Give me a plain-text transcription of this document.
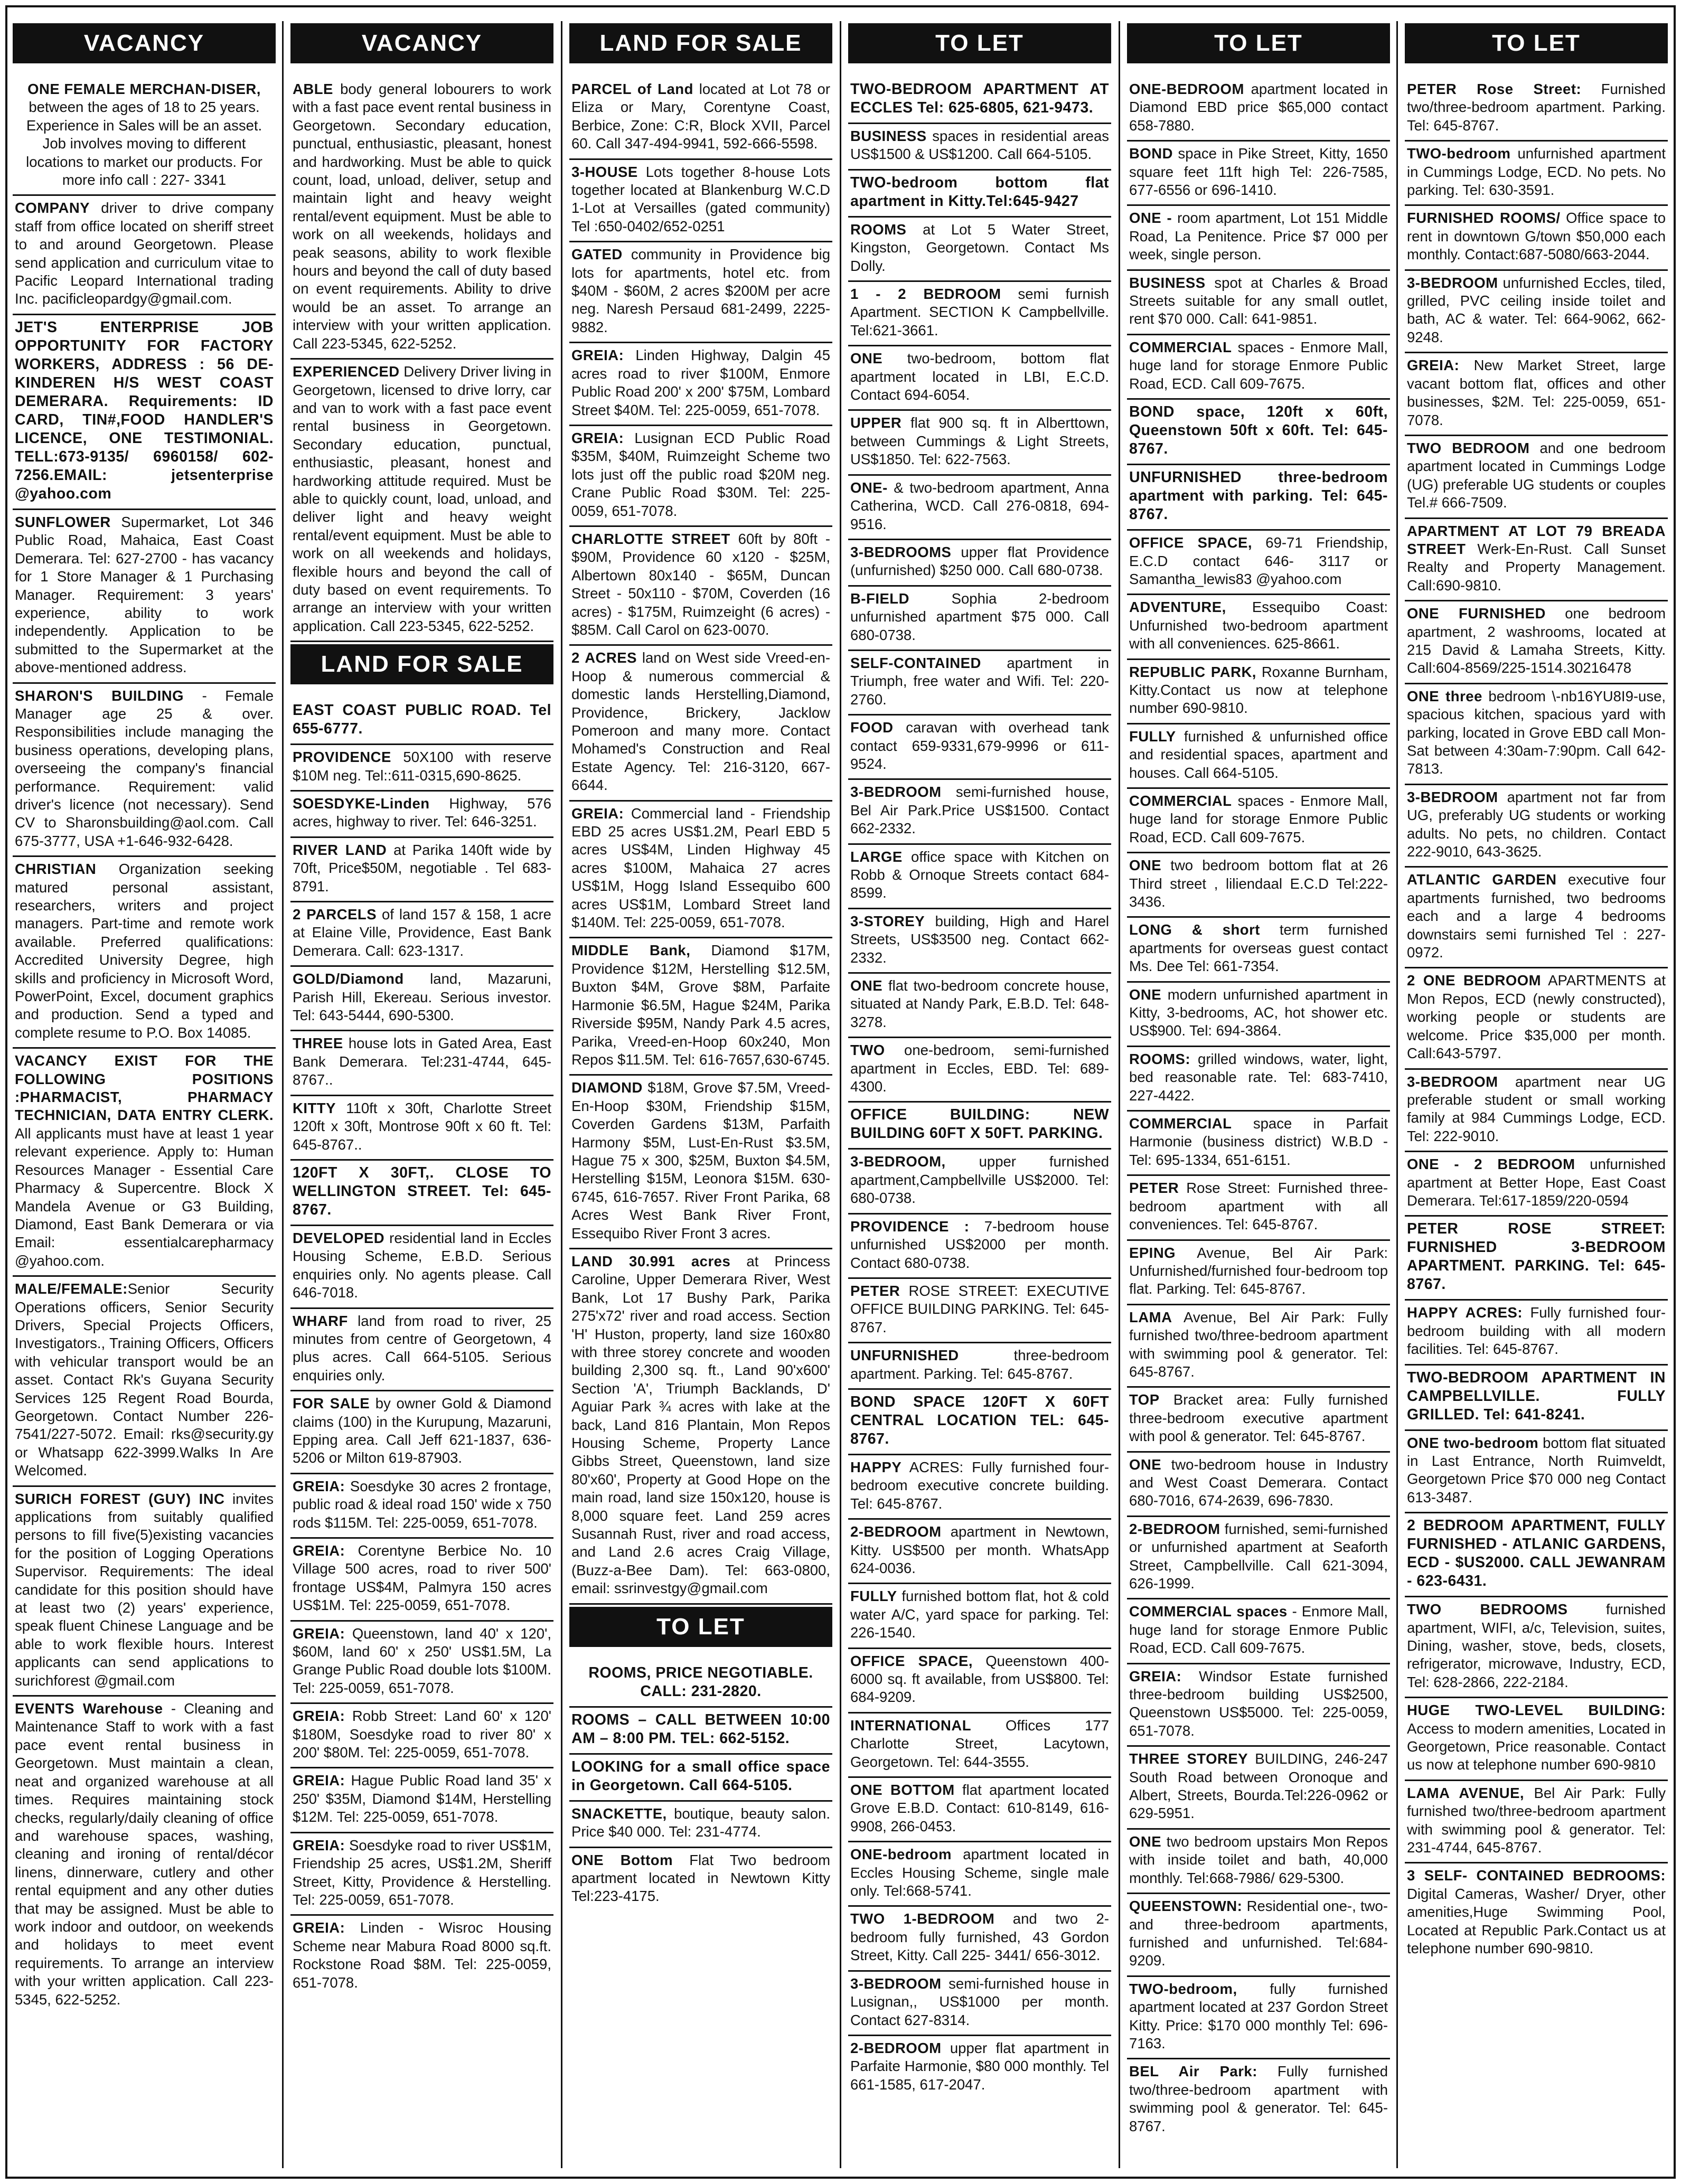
VACANCY
ONE FEMALE MERCHAN-DISER, between the ages of 18 to 25 years. Experience in Sales will be an asset. Job involves moving to different locations to market our products. For more info call : 227- 3341
COMPANY driver to drive company staff from office located on sheriff street to and around Georgetown. Please send application and curriculum vitae to Pacific Leopard International trading Inc. pacificleopardgy@gmail.com.
JET'S ENTERPRISE JOB OPPORTUNITY FOR FACTORY WORKERS, ADDRESS : 56 DE-KINDEREN H/S WEST COAST DEMERARA. Requirements: ID CARD, TIN#,FOOD HANDLER'S LICENCE, ONE TESTIMONIAL. TELL:673-9135/ 6960158/ 602-7256.EMAIL: jetsenterprise @yahoo.com
SUNFLOWER Supermarket, Lot 346 Public Road, Mahaica, East Coast Demerara. Tel: 627-2700 - has vacancy for 1 Store Manager & 1 Purchasing Manager. Requirement: 3 years' experience, ability to work independently. Application to be submitted to the Supermarket at the above-mentioned address.
SHARON'S BUILDING - Female Manager age 25 & over. Responsibilities include managing the business operations, developing plans, overseeing the company's financial performance. Requirement: valid driver's licence (not necessary). Send CV to Sharonsbuilding@aol.com. Call 675-3777, USA +1-646-932-6428.
CHRISTIAN Organization seeking matured personal assistant, researchers, writers and project managers. Part-time and remote work available. Preferred qualifications: Accredited University Degree, high skills and proficiency in Microsoft Word, PowerPoint, Excel, document graphics and production. Send a typed and complete resume to P.O. Box 14085.
VACANCY EXIST FOR THE FOLLOWING POSITIONS :PHARMACIST, PHARMACY TECHNICIAN, DATA ENTRY CLERK. All applicants must have at least 1 year relevant experience. Apply to: Human Resources Manager - Essential Care Pharmacy & Supercentre. Block X Mandela Avenue or G3 Building, Diamond, East Bank Demerara or via Email: essentialcarepharmacy @yahoo.com.
MALE/FEMALE:Senior Security Operations officers, Senior Security Drivers, Special Projects Officers, Investigators., Training Officers, Officers with vehicular transport would be an asset. Contact Rk's Guyana Security Services 125 Regent Road Bourda, Georgetown. Contact Number 226-7541/227-5072. Email: rks@security.gy or Whatsapp 622-3999.Walks In Are Welcomed.
SURICH FOREST (GUY) INC invites applications from suitably qualified persons to fill five(5)existing vacancies for the position of Logging Operations Supervisor. Requirements: The ideal candidate for this position should have at least two (2) years' experience, speak fluent Chinese Language and be able to work flexible hours. Interest applicants can send applications to surichforest @gmail.com
EVENTS Warehouse - Cleaning and Maintenance Staff to work with a fast pace event rental business in Georgetown. Must maintain a clean, neat and organized warehouse at all times. Requires maintaining stock checks, regularly/daily cleaning of office and warehouse spaces, washing, cleaning and ironing of rental/décor linens, dinnerware, cutlery and other rental equipment and any other duties that may be assigned. Must be able to work indoor and outdoor, on weekends and holidays to meet event requirements. To arrange an interview with your written application. Call 223-5345, 622-5252.
VACANCY
ABLE body general lobourers to work with a fast pace event rental business in Georgetown. Secondary education, punctual, enthusiastic, pleasant, honest and hardworking. Must be able to quick count, load, unload, deliver, setup and maintain light and heavy weight rental/event equipment. Must be able to work on all weekends, holidays and peak seasons, ability to work flexible hours and beyond the call of duty based on event requirements. Ability to drive would be an asset. To arrange an interview with your written application. Call 223-5345, 622-5252.
EXPERIENCED Delivery Driver living in Georgetown, licensed to drive lorry, car and van to work with a fast pace event rental business in Georgetown. Secondary education, punctual, enthusiastic, pleasant, honest and hardworking attitude required. Must be able to quickly count, load, unload, and deliver light and heavy weight rental/event equipment. Must be able to work on all weekends and holidays, flexible hours and beyond the call of duty based on event requirements. To arrange an interview with your written application. Call 223-5345, 622-5252.
LAND FOR SALE
EAST COAST PUBLIC ROAD. Tel 655-6777.
PROVIDENCE 50X100 with reserve $10M neg. Tel::611-0315,690-8625.
SOESDYKE-Linden Highway, 576 acres, highway to river. Tel: 646-3251.
RIVER LAND at Parika 140ft wide by 70ft, Price$50M, negotiable . Tel 683-8791.
2 PARCELS of land 157 & 158, 1 acre at Elaine Ville, Providence, East Bank Demerara. Call: 623-1317.
GOLD/Diamond land, Mazaruni, Parish Hill, Ekereau. Serious investor. Tel: 643-5444, 690-5300.
THREE house lots in Gated Area, East Bank Demerara. Tel:231-4744, 645-8767..
KITTY 110ft x 30ft, Charlotte Street 120ft x 30ft, Montrose 90ft x 60 ft. Tel: 645-8767..
120FT X 30FT,. CLOSE TO WELLINGTON STREET. Tel: 645-8767.
DEVELOPED residential land in Eccles Housing Scheme, E.B.D. Serious enquiries only. No agents please. Call 646-7018.
WHARF land from road to river, 25 minutes from centre of Georgetown, 4 plus acres. Call 664-5105. Serious enquiries only.
FOR SALE by owner Gold & Diamond claims (100) in the Kurupung, Mazaruni, Epping area. Call Jeff 621-1837, 636-5206 or Milton 619-87903.
GREIA: Soesdyke 30 acres 2 frontage, public road & ideal road 150' wide x 750 rods $115M. Tel: 225-0059, 651-7078.
GREIA: Corentyne Berbice No. 10 Village 500 acres, road to river 500' frontage US$4M, Palmyra 150 acres US$1M. Tel: 225-0059, 651-7078.
GREIA: Queenstown, land 40' x 120', $60M, land 60' x 250' US$1.5M, La Grange Public Road double lots $100M. Tel: 225-0059, 651-7078.
GREIA: Robb Street: Land 60' x 120' $180M, Soesdyke road to river 80' x 200' $80M. Tel: 225-0059, 651-7078.
GREIA: Hague Public Road land 35' x 250' $35M, Diamond $14M, Herstelling $12M. Tel: 225-0059, 651-7078.
GREIA: Soesdyke road to river US$1M, Friendship 25 acres, US$1.2M, Sheriff Street, Kitty, Providence & Herstelling. Tel: 225-0059, 651-7078.
GREIA: Linden - Wisroc Housing Scheme near Mabura Road 8000 sq.ft. Rockstone Road $8M. Tel: 225-0059, 651-7078.
LAND FOR SALE
PARCEL of Land located at Lot 78 or Eliza or Mary, Corentyne Coast, Berbice, Zone: C:R, Block XVII, Parcel 60. Call 347-494-9941, 592-666-5598.
3-HOUSE Lots together 8-house Lots together located at Blankenburg W.C.D 1-Lot at Versailles (gated community) Tel :650-0402/652-0251
GATED community in Providence big lots for apartments, hotel etc. from $40M - $60M, 2 acres $200M per acre neg. Naresh Persaud 681-2499, 2225-9882.
GREIA: Linden Highway, Dalgin 45 acres road to river $100M, Enmore Public Road 200' x 200' $75M, Lombard Street $40M. Tel: 225-0059, 651-7078.
GREIA: Lusignan ECD Public Road $35M, $40M, Ruimzeight Scheme two lots just off the public road $20M neg. Crane Public Road $30M. Tel: 225-0059, 651-7078.
CHARLOTTE STREET 60ft by 80ft - $90M, Providence 60 x120 - $25M, Albertown 80x140 - $65M, Duncan Street - 50x110 - $70M, Coverden (16 acres) - $175M, Ruimzeight (6 acres) - $85M. Call Carol on 623-0070.
2 ACRES land on West side Vreed-en-Hoop & numerous commercial & domestic lands Herstelling,Diamond, Providence, Brickery, Jacklow Pomeroon and many more. Contact Mohamed's Construction and Real Estate Agency. Tel: 216-3120, 667-6644.
GREIA: Commercial land - Friendship EBD 25 acres US$1.2M, Pearl EBD 5 acres US$4M, Linden Highway 45 acres $100M, Mahaica 27 acres US$1M, Hogg Island Essequibo 600 acres US$1M, Lombard Street land $140M. Tel: 225-0059, 651-7078.
MIDDLE Bank, Diamond $17M, Providence $12M, Herstelling $12.5M, Buxton $4M, Grove $8M, Parfaite Harmonie $6.5M, Hague $24M, Parika Riverside $95M, Nandy Park 4.5 acres, Parika, Vreed-en-Hoop 60x240, Mon Repos $11.5M. Tel: 616-7657,630-6745.
DIAMOND $18M, Grove $7.5M, Vreed-En-Hoop $30M, Friendship $15M, Coverden Gardens $13M, Parfaith Harmony $5M, Lust-En-Rust $3.5M, Hague 75 x 300, $25M, Buxton $4.5M, Herstelling $15M, Leonora $15M. 630-6745, 616-7657. River Front Parika, 68 Acres West Bank River Front, Essequibo River Front 3 acres.
LAND 30.991 acres at Princess Caroline, Upper Demerara River, West Bank, Lot 17 Bushy Park, Parika 275'x72' river and road access. Section 'H' Huston, property, land size 160x80 with three storey concrete and wooden building 2,300 sq. ft., Land 90'x600' Section 'A', Triumph Backlands, D' Aguiar Park ¾ acres with lake at the back, Land 816 Plantain, Mon Repos Housing Scheme, Property Lance Gibbs Street, Queenstown, land size 80'x60', Property at Good Hope on the main road, land size 150x120, house is 8,000 square feet. Land 259 acres Susannah Rust, river and road access, and Land 2.6 acres Craig Village, (Buzz-a-Bee Dam). Tel: 663-0800, email: ssrinvestgy@gmail.com
TO LET
ROOMS, PRICE NEGOTIABLE. CALL: 231-2820.
ROOMS – CALL BETWEEN 10:00 AM – 8:00 PM. TEL: 662-5152.
LOOKING for a small office space in Georgetown. Call 664-5105.
SNACKETTE, boutique, beauty salon. Price $40 000. Tel: 231-4774.
ONE Bottom Flat Two bedroom apartment located in Newtown Kitty Tel:223-4175.
TO LET
TWO-BEDROOM APARTMENT AT ECCLES Tel: 625-6805, 621-9473.
BUSINESS spaces in residential areas US$1500 & US$1200. Call 664-5105.
TWO-bedroom bottom flat apartment in Kitty.Tel:645-9427
ROOMS at Lot 5 Water Street, Kingston, Georgetown. Contact Ms Dolly.
1 - 2 BEDROOM semi furnish Apartment. SECTION K Campbellville. Tel:621-3661.
ONE two-bedroom, bottom flat apartment located in LBI, E.C.D. Contact 694-6054.
UPPER flat 900 sq. ft in Alberttown, between Cummings & Light Streets, US$1850. Tel: 622-7563.
ONE- & two-bedroom apartment, Anna Catherina, WCD. Call 276-0818, 694-9516.
3-BEDROOMS upper flat Providence (unfurnished) $250 000. Call 680-0738.
B-FIELD Sophia 2-bedroom unfurnished apartment $75 000. Call 680-0738.
SELF-CONTAINED apartment in Triumph, free water and Wifi. Tel: 220-2760.
FOOD caravan with overhead tank contact 659-9331,679-9996 or 611-9524.
3-BEDROOM semi-furnished house, Bel Air Park.Price US$1500. Contact 662-2332.
LARGE office space with Kitchen on Robb & Ornoque Streets contact 684-8599.
3-STOREY building, High and Harel Streets, US$3500 neg. Contact 662-2332.
ONE flat two-bedroom concrete house, situated at Nandy Park, E.B.D. Tel: 648-3278.
TWO one-bedroom, semi-furnished apartment in Eccles, EBD. Tel: 689-4300.
OFFICE BUILDING: NEW BUILDING 60FT X 50FT. PARKING.
3-BEDROOM, upper furnished apartment,Campbellville US$2000. Tel: 680-0738.
PROVIDENCE : 7-bedroom house unfurnished US$2000 per month. Contact 680-0738.
PETER ROSE STREET: EXECUTIVE OFFICE BUILDING PARKING. Tel: 645-8767.
UNFURNISHED three-bedroom apartment. Parking. Tel: 645-8767.
BOND SPACE 120FT X 60FT CENTRAL LOCATION TEL: 645-8767.
HAPPY ACRES: Fully furnished four-bedroom executive concrete building. Tel: 645-8767.
2-BEDROOM apartment in Newtown, Kitty. US$500 per month. WhatsApp 624-0036.
FULLY furnished bottom flat, hot & cold water A/C, yard space for parking. Tel: 226-1540.
OFFICE SPACE, Queenstown 400-6000 sq. ft available, from US$800. Tel: 684-9209.
INTERNATIONAL Offices 177 Charlotte Street, Lacytown, Georgetown. Tel: 644-3555.
ONE BOTTOM flat apartment located Grove E.B.D. Contact: 610-8149, 616-9908, 266-0453.
ONE-bedroom apartment located in Eccles Housing Scheme, single male only. Tel:668-5741.
TWO 1-BEDROOM and two 2-bedroom fully furnished, 43 Gordon Street, Kitty. Call 225- 3441/ 656-3012.
3-BEDROOM semi-furnished house in Lusignan,, US$1000 per month. Contact 627-8314.
2-BEDROOM upper flat apartment in Parfaite Harmonie, $80 000 monthly. Tel 661-1585, 617-2047.
TO LET
ONE-BEDROOM apartment located in Diamond EBD price $65,000 contact 658-7880.
BOND space in Pike Street, Kitty, 1650 square feet 11ft high Tel: 226-7585, 677-6556 or 696-1410.
ONE - room apartment, Lot 151 Middle Road, La Penitence. Price $7 000 per week, single person.
BUSINESS spot at Charles & Broad Streets suitable for any small outlet, rent $70 000. Call: 641-9851.
COMMERCIAL spaces - Enmore Mall, huge land for storage Enmore Public Road, ECD. Call 609-7675.
BOND space, 120ft x 60ft, Queenstown 50ft x 60ft. Tel: 645-8767.
UNFURNISHED three-bedroom apartment with parking. Tel: 645-8767.
OFFICE SPACE, 69-71 Friendship, E.C.D contact 646- 3117 or Samantha_lewis83 @yahoo.com
ADVENTURE, Essequibo Coast: Unfurnished two-bedroom apartment with all conveniences. 625-8661.
REPUBLIC PARK, Roxanne Burnham, Kitty.Contact us now at telephone number 690-9810.
FULLY furnished & unfurnished office and residential spaces, apartment and houses. Call 664-5105.
COMMERCIAL spaces - Enmore Mall, huge land for storage Enmore Public Road, ECD. Call 609-7675.
ONE two bedroom bottom flat at 26 Third street , liliendaal E.C.D Tel:222-3436.
LONG & short term furnished apartments for overseas guest contact Ms. Dee Tel: 661-7354.
ONE modern unfurnished apartment in Kitty, 3-bedrooms, AC, hot shower etc. US$900. Tel: 694-3864.
ROOMS: grilled windows, water, light, bed reasonable rate. Tel: 683-7410, 227-4422.
COMMERCIAL space in Parfait Harmonie (business district) W.B.D - Tel: 695-1334, 651-6151.
PETER Rose Street: Furnished three-bedroom apartment with all conveniences. Tel: 645-8767.
EPING Avenue, Bel Air Park: Unfurnished/furnished four-bedroom top flat. Parking. Tel: 645-8767.
LAMA Avenue, Bel Air Park: Fully furnished two/three-bedroom apartment with swimming pool & generator. Tel: 645-8767.
TOP Bracket area: Fully furnished three-bedroom executive apartment with pool & generator. Tel: 645-8767.
ONE two-bedroom house in Industry and West Coast Demerara. Contact 680-7016, 674-2639, 696-7830.
2-BEDROOM furnished, semi-furnished or unfurnished apartment at Seaforth Street, Campbellville. Call 621-3094, 626-1999.
COMMERCIAL spaces - Enmore Mall, huge land for storage Enmore Public Road, ECD. Call 609-7675.
GREIA: Windsor Estate furnished three-bedroom building US$2500, Queenstown US$5000. Tel: 225-0059, 651-7078.
THREE STOREY BUILDING, 246-247 South Road between Oronoque and Albert, Streets, Bourda.Tel:226-0962 or 629-5951.
ONE two bedroom upstairs Mon Repos with inside toilet and bath, 40,000 monthly. Tel:668-7986/ 629-5300.
QUEENSTOWN: Residential one-, two- and three-bedroom apartments, furnished and unfurnished. Tel:684-9209.
TWO-bedroom, fully furnished apartment located at 237 Gordon Street Kitty. Price: $170 000 monthly Tel: 696-7163.
BEL Air Park: Fully furnished two/three-bedroom apartment with swimming pool & generator. Tel: 645-8767.
TO LET
PETER Rose Street: Furnished two/three-bedroom apartment. Parking. Tel: 645-8767.
TWO-bedroom unfurnished apartment in Cummings Lodge, ECD. No pets. No parking. Tel: 630-3591.
FURNISHED ROOMS/ Office space to rent in downtown G/town $50,000 each monthly. Contact:687-5080/663-2044.
3-BEDROOM unfurnished Eccles, tiled, grilled, PVC ceiling inside toilet and bath, AC & water. Tel: 664-9062, 662-9248.
GREIA: New Market Street, large vacant bottom flat, offices and other businesses, $2M. Tel: 225-0059, 651-7078.
TWO BEDROOM and one bedroom apartment located in Cummings Lodge (UG) preferable UG students or couples Tel.# 666-7509.
APARTMENT AT LOT 79 BREADA STREET Werk-En-Rust. Call Sunset Realty and Property Management. Call:690-9810.
ONE FURNISHED one bedroom apartment, 2 washrooms, located at 215 David & Lamaha Streets, Kitty. Call:604-8569/225-1514.30216478
ONE three bedroom \-nb16YU8I9-use, spacious kitchen, spacious yard with parking, located in Grove EBD call Mon-Sat between 4:30am-7:90pm. Call 642-7813.
3-BEDROOM apartment not far from UG, preferably UG students or working adults. No pets, no children. Contact 222-9010, 643-3625.
ATLANTIC GARDEN executive four apartments furnished, two bedrooms each and a large 4 bedrooms downstairs semi furnished Tel : 227-0972.
2 ONE BEDROOM APARTMENTS at Mon Repos, ECD (newly constructed), working people or students are welcome. Price $35,000 per month. Call:643-5797.
3-BEDROOM apartment near UG preferable student or small working family at 984 Cummings Lodge, ECD. Tel: 222-9010.
ONE - 2 BEDROOM unfurnished apartment at Better Hope, East Coast Demerara. Tel:617-1859/220-0594
PETER ROSE STREET: FURNISHED 3-BEDROOM APARTMENT. PARKING. Tel: 645-8767.
HAPPY ACRES: Fully furnished four-bedroom building with all modern facilities. Tel: 645-8767.
TWO-BEDROOM APARTMENT IN CAMPBELLVILLE. FULLY GRILLED. Tel: 641-8241.
ONE two-bedroom bottom flat situated in Last Entrance, North Ruimveldt, Georgetown Price $70 000 neg Contact 613-3487.
2 BEDROOM APARTMENT, FULLY FURNISHED - ATLANIC GARDENS, ECD - $US2000. CALL JEWANRAM - 623-6431.
TWO BEDROOMS furnished apartment, WIFI, a/c, Television, suites, Dining, washer, stove, beds, closets, refrigerator, microwave, Industry, ECD, Tel: 628-2866, 222-2184.
HUGE TWO-LEVEL BUILDING: Access to modern amenities, Located in Georgetown, Price reasonable. Contact us now at telephone number 690-9810
LAMA AVENUE, Bel Air Park: Fully furnished two/three-bedroom apartment with swimming pool & generator. Tel: 231-4744, 645-8767.
3 SELF- CONTAINED BEDROOMS: Digital Cameras, Washer/ Dryer, other amenities,Huge Swimming Pool, Located at Republic Park.Contact us at telephone number 690-9810.
